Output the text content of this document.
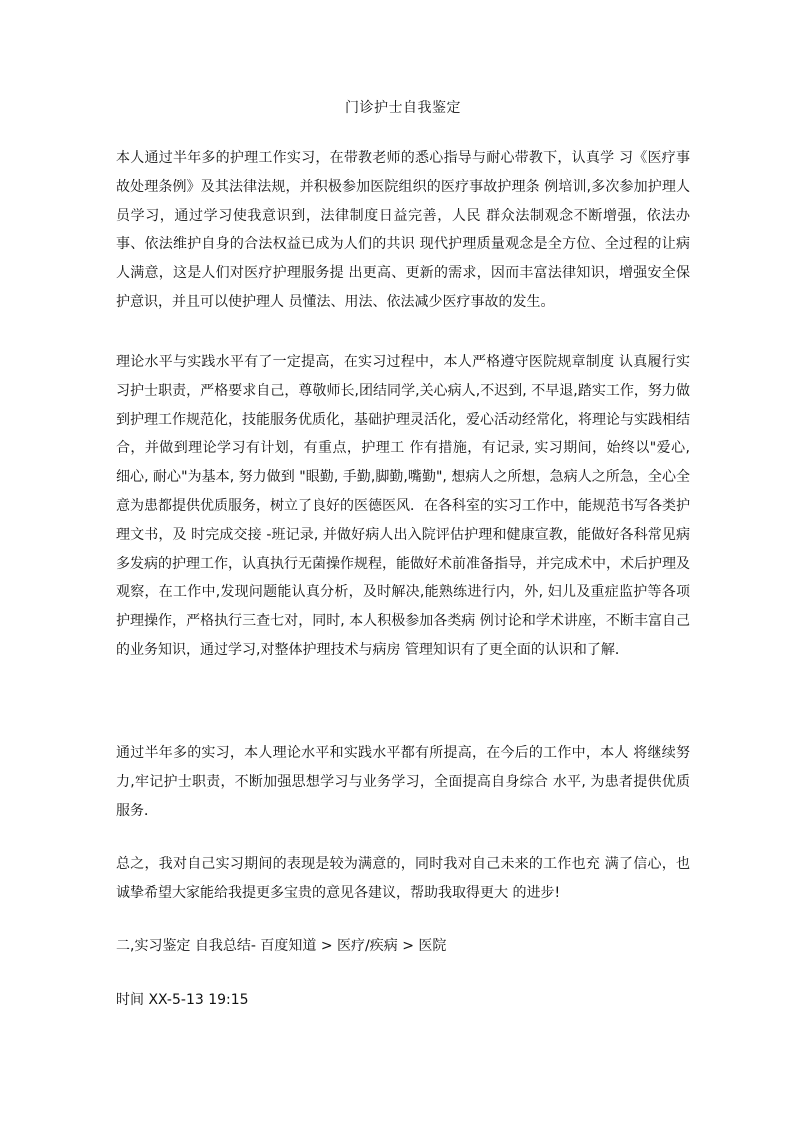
门诊护士自我鉴定

本人通过半年多的护理工作实习，在带教老师的悉心指导与耐心带教下，认真学 习《医疗事故处理条例》及其法律法规，并积极参加医院组织的医疗事故护理条 例培训,多次参加护理人员学习，通过学习使我意识到，法律制度日益完善，人民 群众法制观念不断增强，依法办事、依法维护自身的合法权益已成为人们的共识 现代护理质量观念是全方位、全过程的让病人满意，这是人们对医疗护理服务提 出更高、更新的需求，因而丰富法律知识，增强安全保护意识，并且可以使护理人 员懂法、用法、依法减少医疗事故的发生。

理论水平与实践水平有了一定提高，在实习过程中，本人严格遵守医院规章制度 认真履行实习护士职责，严格要求自己，尊敬师长,团结同学,关心病人,不迟到, 不早退,踏实工作，努力做到护理工作规范化，技能服务优质化，基础护理灵活化，爱心活动经常化，将理论与实践相结合，并做到理论学习有计划，有重点，护理工 作有措施，有记录, 实习期间，始终以"爱心, 细心, 耐心"为基本, 努力做到 "眼勤, 手勤,脚勤,嘴勤", 想病人之所想，急病人之所急，全心全意为患都提供优质服务，树立了良好的医德医风．在各科室的实习工作中，能规范书写各类护理文书，及 时完成交接 -班记录, 并做好病人出入院评估护理和健康宣教，能做好各科常见病 多发病的护理工作，认真执行无菌操作规程，能做好术前准备指导，并完成术中，术后护理及观察，在工作中,发现问题能认真分析，及时解决,能熟练进行内，外, 妇儿及重症监护等各项护理操作，严格执行三查七对，同时, 本人积极参加各类病 例讨论和学术讲座，不断丰富自己的业务知识，通过学习,对整体护理技术与病房 管理知识有了更全面的认识和了解．

通过半年多的实习，本人理论水平和实践水平都有所提高，在今后的工作中，本人 将继续努 力,牢记护士职责，不断加强思想学习与业务学习，全面提高自身综合 水平, 为患者提供优质服务．

总之，我对自己实习期间的表现是较为满意的，同时我对自己未来的工作也充 满了信心，也诚挚希望大家能给我提更多宝贵的意见各建议，帮助我取得更大 的进步!

二,实习鉴定 自我总结- 百度知道 > 医疗/疾病 > 医院

时间 XX-5-13 19:15
